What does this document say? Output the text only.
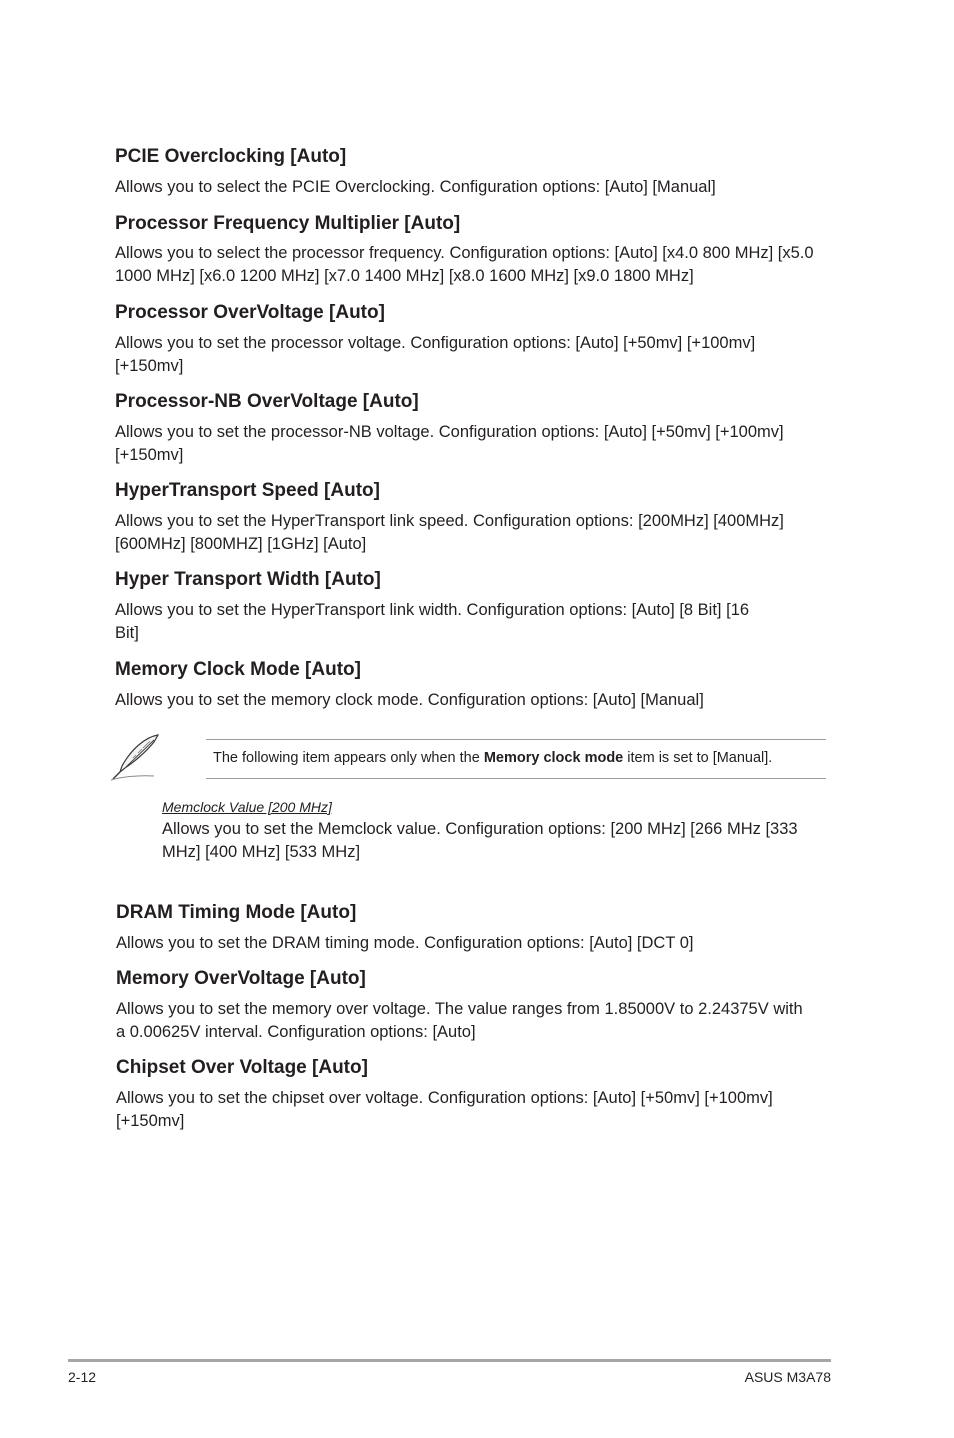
PCIE Overclocking [Auto]

Allows you to select the PCIE Overclocking. Configuration options: [Auto] [Manual]

Processor Frequency Multiplier [Auto]

Allows you to select the processor frequency. Configuration options: [Auto] [x4.0 800 MHz] [x5.0 1000 MHz] [x6.0 1200 MHz] [x7.0 1400 MHz] [x8.0 1600 MHz] [x9.0 1800 MHz]

Processor OverVoltage [Auto]

Allows you to set the processor voltage. Configuration options: [Auto] [+50mv] [+100mv] [+150mv]

Processor-NB OverVoltage [Auto]

Allows you to set the processor-NB voltage. Configuration options: [Auto] [+50mv] [+100mv] [+150mv]

HyperTransport Speed [Auto]

Allows you to set the HyperTransport link speed. Configuration options: [200MHz] [400MHz] [600MHz] [800MHZ] [1GHz] [Auto]

Hyper Transport Width [Auto]

Allows you to set the HyperTransport link width. Configuration options: [Auto] [8 Bit] [16 Bit]

Memory Clock Mode [Auto]

Allows you to set the memory clock mode. Configuration options: [Auto] [Manual]

The following item appears only when the Memory clock mode item is set to [Manual].
Memclock Value [200 MHz]
Allows you to set the Memclock value. Configuration options: [200 MHz] [266 MHz [333 MHz] [400 MHz] [533 MHz]
DRAM Timing Mode [Auto]

Allows you to set the DRAM timing mode. Configuration options: [Auto] [DCT 0]

Memory OverVoltage [Auto]

Allows you to set the memory over voltage. The value ranges from 1.85000V to 2.24375V with a 0.00625V interval. Configuration options: [Auto]

Chipset Over Voltage [Auto]

Allows you to set the chipset over voltage. Configuration options: [Auto] [+50mv] [+100mv] [+150mv]

2-12	ASUS M3A78
